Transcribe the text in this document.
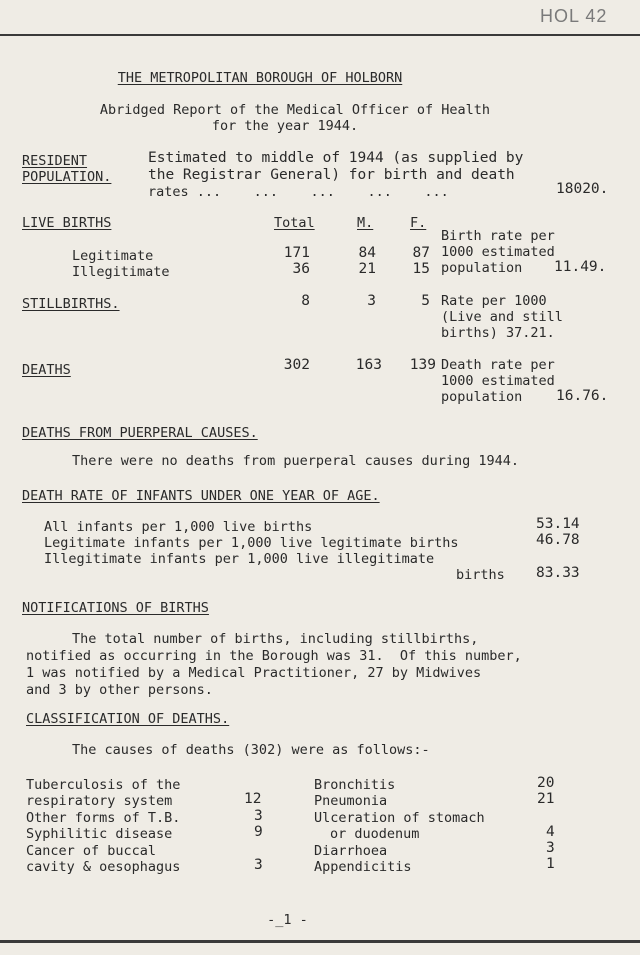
HOL 42
THE METROPOLITAN BOROUGH OF HOLBORN
Abridged Report of the Medical Officer of Health
for the year 1944.
RESIDENT
POPULATION.
Estimated to middle of 1944 (as supplied by
the Registrar General) for birth and death
rates ...    ...    ...    ...    ...	18020.
LIVE BIRTHS	Total	M.	F.
Legitimate	171	84	87
Illegitimate	36	21	15
Birth rate per
1000 estimated
population 11.49.
STILLBIRTHS.	8	3	5 Rate per 1000
(Live and still
births) 37.21.
DEATHS	302	163	139 Death rate per
1000 estimated
population 16.76.
DEATHS FROM PUERPERAL CAUSES.
There were no deaths from puerperal causes during 1944.
DEATH RATE OF INFANTS UNDER ONE YEAR OF AGE.
All infants per 1,000 live births	53.14
Legitimate infants per 1,000 live legitimate births	46.78
Illegitimate infants per 1,000 live illegitimate
births 83.33
NOTIFICATIONS OF BIRTHS
The total number of births, including stillbirths,
notified as occurring in the Borough was 31.  Of this number,
1 was notified by a Medical Practitioner, 27 by Midwives
and 3 by other persons.
CLASSIFICATION OF DEATHS.
The causes of deaths (302) were as follows:-
Tuberculosis of the
respiratory system	12
Other forms of T.B.	3
Syphilitic disease	9
Cancer of buccal
cavity & oesophagus	3
Bronchitis	20
Pneumonia	21
Ulceration of stomach
or duodenum	4
Diarrhoea	3
Appendicitis	1
-_1 -
